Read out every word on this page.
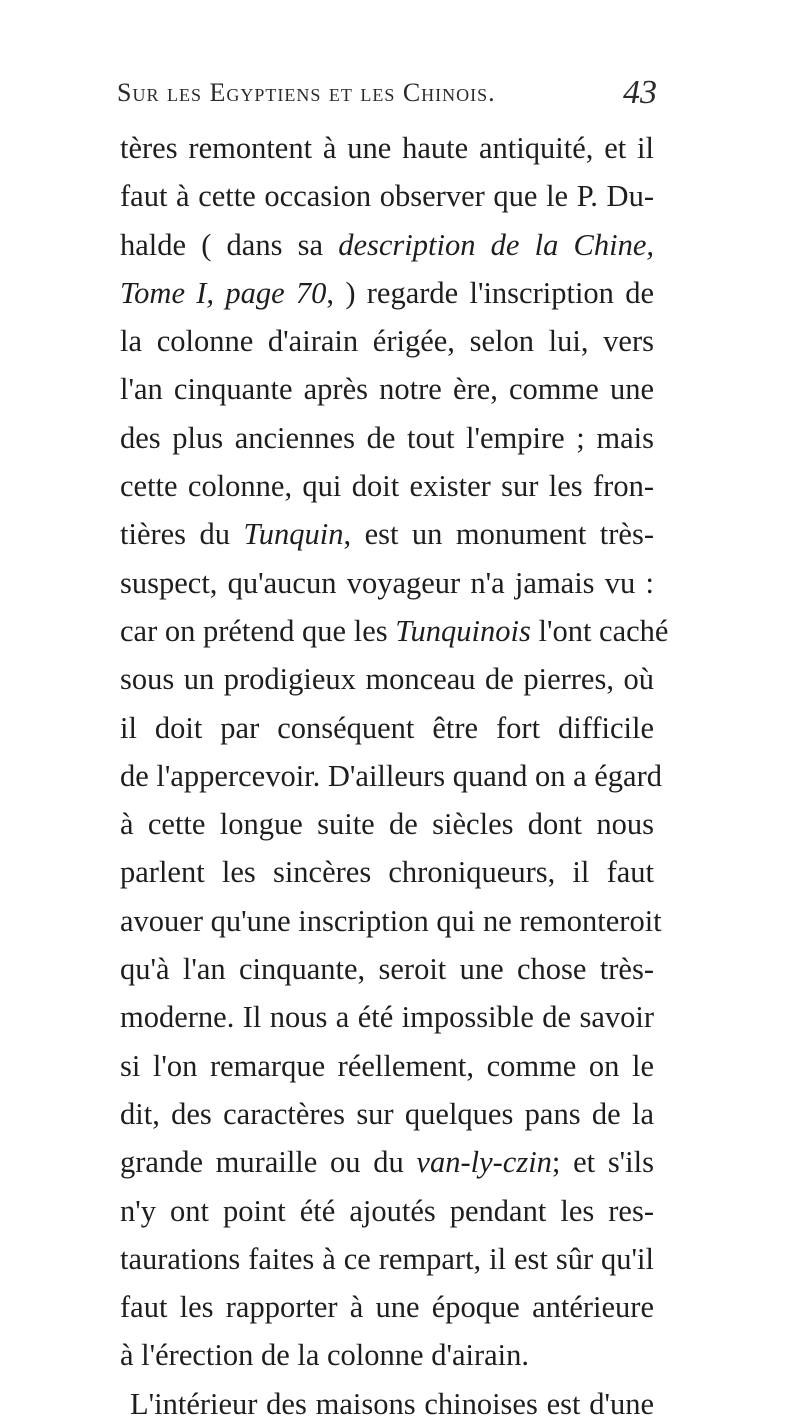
Sur les Egyptiens et les Chinois.	43
tères remontent à une haute antiquité, et il
faut à cette occasion observer que le P. Du-
halde ( dans sa description de la Chine,
Tome I, page 70, ) regarde l'inscription de
la colonne d'airain érigée, selon lui, vers
l'an cinquante après notre ère, comme une
des plus anciennes de tout l'empire ; mais
cette colonne, qui doit exister sur les fron-
tières du Tunquin, est un monument très-
suspect, qu'aucun voyageur n'a jamais vu :
car on prétend que les Tunquinois l'ont caché
sous un prodigieux monceau de pierres, où
il doit par conséquent être fort difficile
de l'appercevoir. D'ailleurs quand on a égard
à cette longue suite de siècles dont nous
parlent les sincères chroniqueurs, il faut
avouer qu'une inscription qui ne remonteroit
qu'à l'an cinquante, seroit une chose très-
moderne. Il nous a été impossible de savoir
si l'on remarque réellement, comme on le
dit, des caractères sur quelques pans de la
grande muraille ou du van-ly-czin; et s'ils
n'y ont point été ajoutés pendant les res-
taurations faites à ce rempart, il est sûr qu'il
faut les rapporter à une époque antérieure
à l'érection de la colonne d'airain.
L'intérieur des maisons chinoises est d'une
